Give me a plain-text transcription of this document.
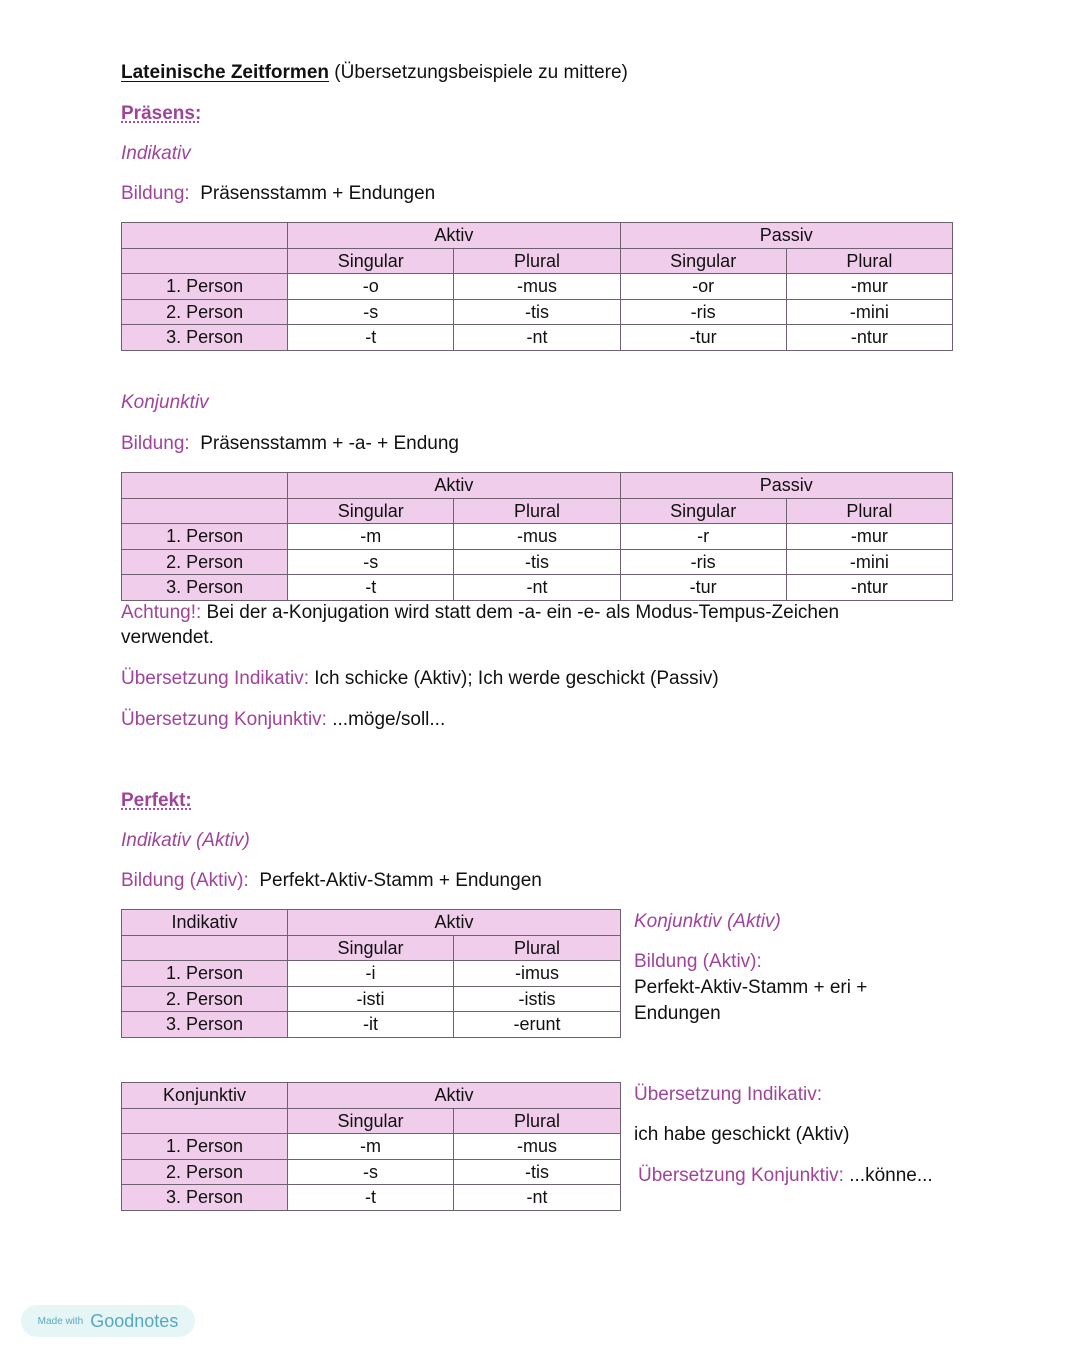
Lateinische Zeitformen (Übersetzungsbeispiele zu mittere)
Präsens:
Indikativ
Bildung: Präsensstamm + Endungen
	Aktiv		Passiv	
	Singular	Plural	Singular	Plural
1. Person	-o	-mus	-or	-mur
2. Person	-s	-tis	-ris	-mini
3. Person	-t	-nt	-tur	-ntur
Konjunktiv
Bildung: Präsensstamm + -a- + Endung
	Aktiv		Passiv	
	Singular	Plural	Singular	Plural
1. Person	-m	-mus	-r	-mur
2. Person	-s	-tis	-ris	-mini
3. Person	-t	-nt	-tur	-ntur
Achtung!: Bei der a-Konjugation wird statt dem -a- ein -e- als Modus-Tempus-Zeichen
verwendet.
Übersetzung Indikativ: Ich schicke (Aktiv); Ich werde geschickt (Passiv)
Übersetzung Konjunktiv: ...möge/soll...
Perfekt:
Indikativ (Aktiv)
Bildung (Aktiv): Perfekt-Aktiv-Stamm + Endungen
Indikativ	Aktiv	
	Singular	Plural
1. Person	-i	-imus
2. Person	-isti	-istis
3. Person	-it	-erunt
Konjunktiv (Aktiv)
Bildung (Aktiv):
Perfekt-Aktiv-Stamm + eri +
Endungen
Konjunktiv	Aktiv	
	Singular	Plural
1. Person	-m	-mus
2. Person	-s	-tis
3. Person	-t	-nt
Übersetzung Indikativ:
ich habe geschickt (Aktiv)
Übersetzung Konjunktiv: ...könne...
Made with Goodnotes
